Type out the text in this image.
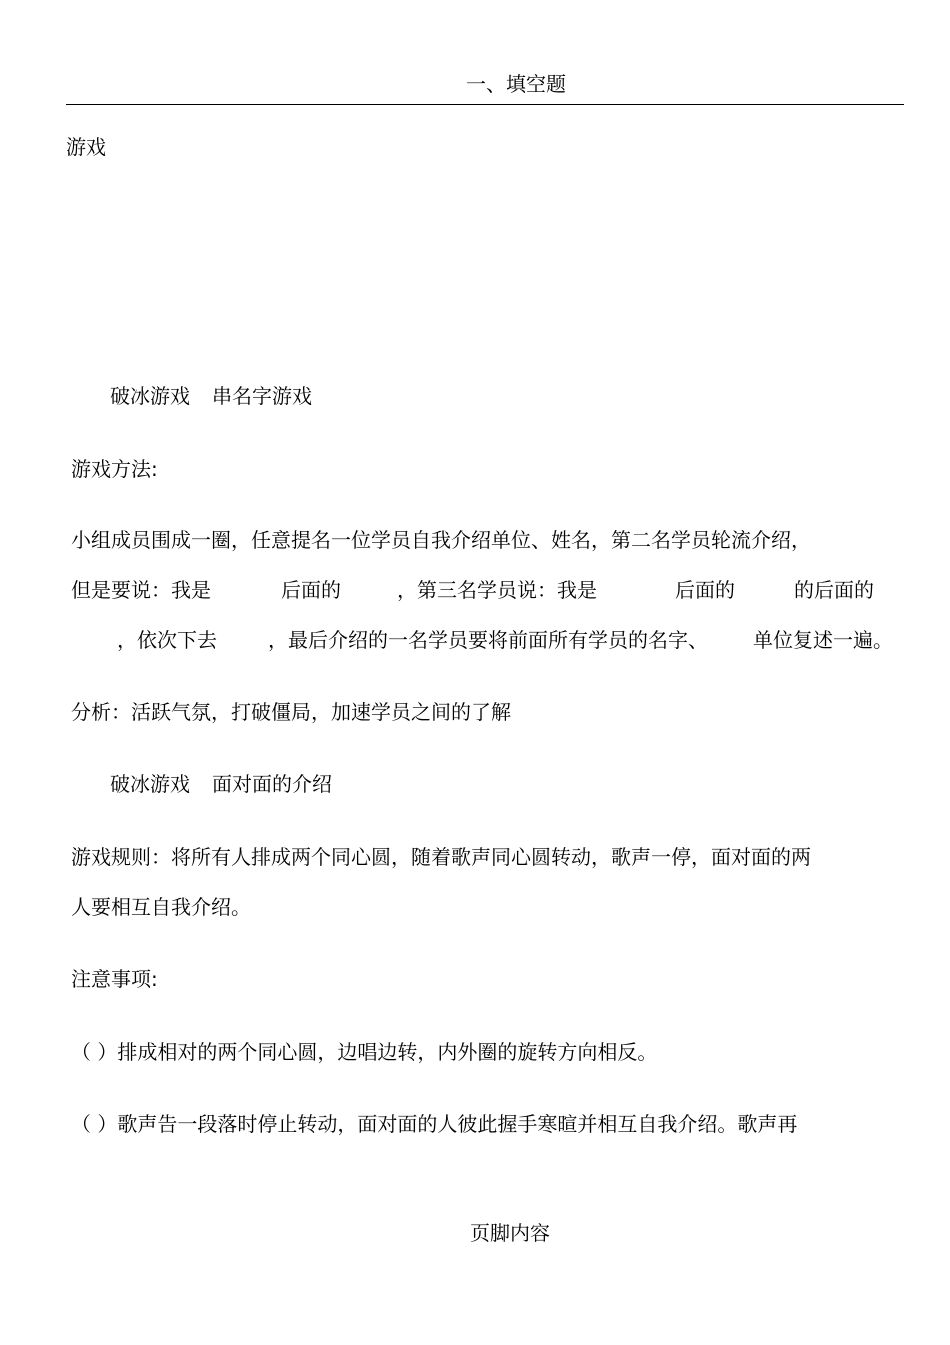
一、填空题
游戏
破冰游戏 串名字游戏
游戏方法:
小组成员围成一圈，任意提名一位学员自我介绍单位、姓名，第二名学员轮流介绍，
但是要说：我是	后面的	，第三名学员说：我是	后面的	的后面的
，依次下去	，最后介绍的一名学员要将前面所有学员的名字、 单位复述一遍。
分析：活跃气氛，打破僵局，加速学员之间的了解
破冰游戏 面对面的介绍
游戏规则：将所有人排成两个同心圆，随着歌声同心圆转动，歌声一停，面对面的两
人要相互自我介绍。
注意事项:
（ ）排成相对的两个同心圆，边唱边转，内外圈的旋转方向相反。
（ ）歌声告一段落时停止转动，面对面的人彼此握手寒暄并相互自我介绍。歌声再
页脚内容
